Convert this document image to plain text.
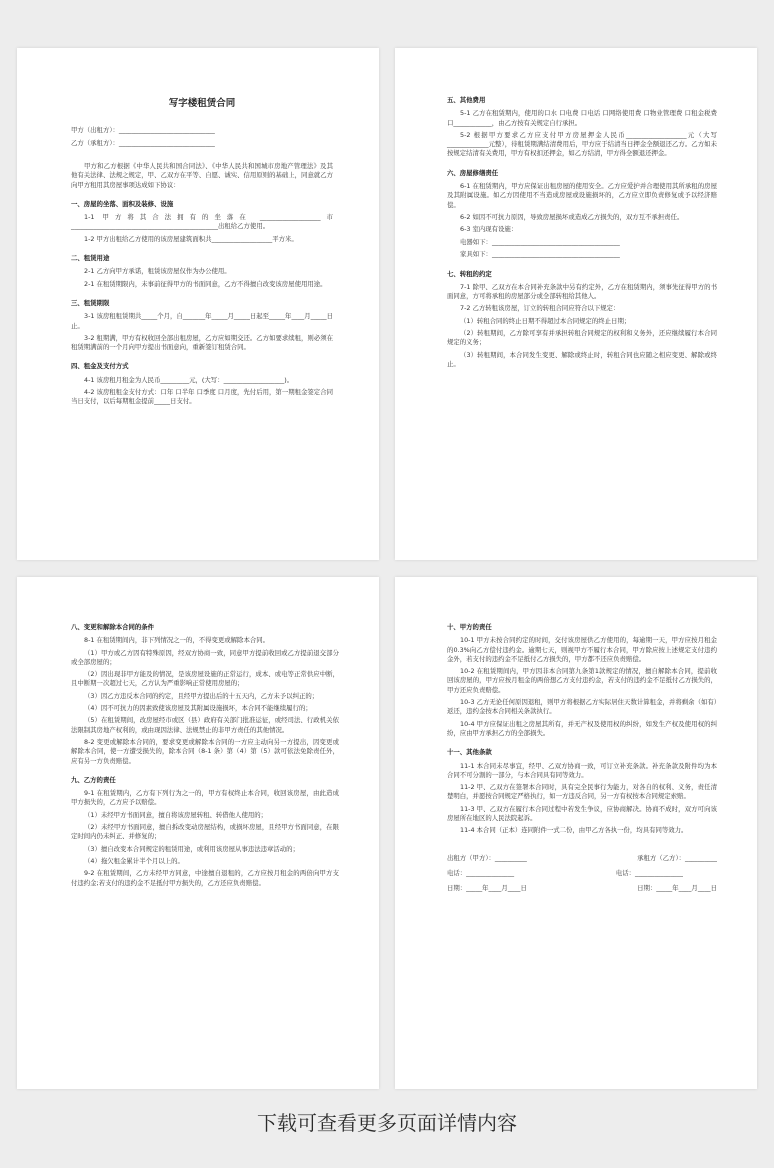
写字楼租赁合同
甲方（出租方）：______________________________
乙方（承租方）：______________________________
甲方和乙方根据《中华人民共和国合同法》、《中华人民共和国城市房地产管理法》及其他有关法律、法规之规定，甲、乙双方在平等、自愿、诚实、信用原则的基础上，同意就乙方向甲方租用其房屋事项达成如下协议：
一、房屋的坐落、面积及装修、设施
1-1 甲方将其合法拥有的坐落在 ___________________市______________________________________________出租给乙方使用。
1-2 甲方出租给乙方使用的该房屋建筑面积共___________________平方米。
二、租赁用途
2-1 乙方向甲方承诺，租赁该房屋仅作为办公使用。
2-1 在租赁期限内，未事前征得甲方的书面同意，乙方不得擅自改变该房屋使用用途。
三、租赁期限
3-1 该房租租赁期共_____个月，自_______年_____月_____日起至_____年____月_____日止。
3-2 租期满，甲方有权收回全部出租房屋，乙方应如期交还。乙方如要求续租，则必须在租赁期满前的一个月向甲方提出书面意向，重新签订租赁合同。
四、租金及支付方式
4-1 该房租月租金为人民币_________元，(大写：___________________)。
4-2 该房租租金支付方式：口年 口半年 口季度 口月度，先付后用，第一期租金签定合同当日支付，以后每期租金提前_____日支付。
五、其他费用
5-1 乙方在租赁期内，使用的口水 口电费 口电话 口网络使用费 口物业管理费 口租金税费 口____________，由乙方按有关规定自行承担。
5-2 根据甲方要求乙方应支付甲方房屋押金人民币___________________元（大写_____________元整），待租赁期满结清费用后，甲方应于结清当日押金全额退还乙方。乙方如未按规定结清有关费用，甲方有权扣还押金，如乙方结清，甲方得全额退还押金。
六、房屋修缮责任
6-1 在租赁期内，甲方应保证出租房屋的使用安全。乙方应爱护并合理使用其所承租的房屋及其附属设施。如乙方因使用不当造成房屋或设施损坏的，乙方应立即负责修复或予以经济赔偿。
6-2 如因不可抗力原因，导致房屋损坏或造成乙方损失的，双方互不承担责任。
6-3 室内现有设施：
电器如下：________________________________________
家具如下：________________________________________
七、转租的约定
7-1 除甲、乙双方在本合同补充条款中另有约定外，乙方在租赁期内，须事先征得甲方的书面同意，方可将承租的房屋部分或全部转租给其他人。
7-2 乙方转租该房屋，订立的转租合同应符合以下规定：
（1）转租合同的终止日期不得超过本合同规定的终止日期；
（2）转租期间，乙方除可享有并承担转租合同规定的权利和义务外，还应继续履行本合同规定的义务；
（3）转租期间，本合同发生变更、解除或终止时，转租合同也应随之相应变更、解除或终止。
八、变更和解除本合同的条件
8-1 在租赁期间内，非下列情况之一的，不得变更或解除本合同。
（1）甲方或乙方因有特殊原因，经双方协商一致，同意甲方提前收回或乙方提前退交部分或全部房屋的；
（2）因出现非甲方能及的情况，是该房屋设施的正常运行，成本、或电等正常供应中断，且中断期一次超过七天，乙方认为严重影响正常使用房屋的；
（3）因乙方违反本合同的约定，且经甲方提出后的十五天内，乙方未予以纠正的；
（4）因不可抗力的因素致使该房屋及其附属设施损坏，本合同不能继续履行的；
（5）在租赁期间，改房屋经市或区（县）政府有关部门批准运征，或经司法、行政机关依法限制其房地产权利的，或由现因法律、法规禁止的非甲方责任的其他情况。
8-2 变更或解除本合同的，要求变更或解除本合同的一方应主动向另一方提出，因变更或解除本合同，使一方遭受损失的，除本合同（8-1 条）第（4）第（5）款可依法免除责任外，应有另一方负责赔偿。
九、乙方的责任
9-1 在租赁期内，乙方有下列行为之一的，甲方有权终止本合同，收回该房屋，由此造成甲方损失的，乙方应予以赔偿。
（1）未经甲方书面同意，擅自将该房屋转租、转借他人使用的；
（2）未经甲方书面同意，擅自拆改变动房屋结构，或损坏房屋，且经甲方书面同意，在限定时间内仍未纠正、并修复的；
（3）擅自改变本合同规定的租赁用途，或利用该房屋从事违法违章活动的；
（4）拖欠租金累计半个月以上的。
9-2 在租赁期间，乙方未经甲方同意，中途擅自退租的，乙方应按月租金的两倍向甲方支付违约金;若支付的违约金不足抵付甲方损失的，乙方还应负责赔偿。
十、甲方的责任
10-1 甲方未按合同约定的时间，交付该房屋供乙方使用的，每逾期一天，甲方应按月租金的0.3%向乙方偿付违约金。逾期七天，则视甲方不履行本合同，甲方除应按上述规定支付违约金外，若支付的违约金不足抵付乙方损失的，甲方都不还应负责赔偿。
10-2 在租赁期间内，甲方因非本合同第九条第1款规定的情况，擅自解除本合同，提前收回该房屋的，甲方应按月租金的两倍想乙方支付违约金，若支付的违约金不足抵付乙方损失的，甲方还应负责赔偿。
10-3 乙方无论任何原因退租，则甲方将根据乙方实际居住天数计算租金，并将剩余（如有）返还，违约金按本合同相关条款执行。
10-4 甲方应保证出租之房屋其所有，并无产权及使用权的纠纷，如发生产权及使用权的纠纷，应由甲方承担乙方的全部损失。
十一、其他条款
11-1 本合同未尽事宜，经甲、乙双方协商一致，可订立补充条款。补充条款及附件均为本合同不可分割的一部分，与本合同具有同等效力。
11-2 甲、乙双方在签署本合同时，具有完全民事行为能力，对各自的权利、义务，责任清楚明白，并愿按合同规定严格执行，如一方违反合同，另一方有权按本合同规定索赔。
11-3 甲、乙双方在履行本合同过程中若发生争议，应协商解决。协商不成时，双方可向该房屋所在地区的人民法院起诉。
11-4 本合同（正本）连同附件一式二份，由甲乙方各执一份，均具有同等效力。
出租方（甲方）：__________	承租方（乙方）：__________
电话：_______________	电话：_______________
日期：_____年____月____日	日期：_____年____月____日
下载可查看更多页面详情内容
